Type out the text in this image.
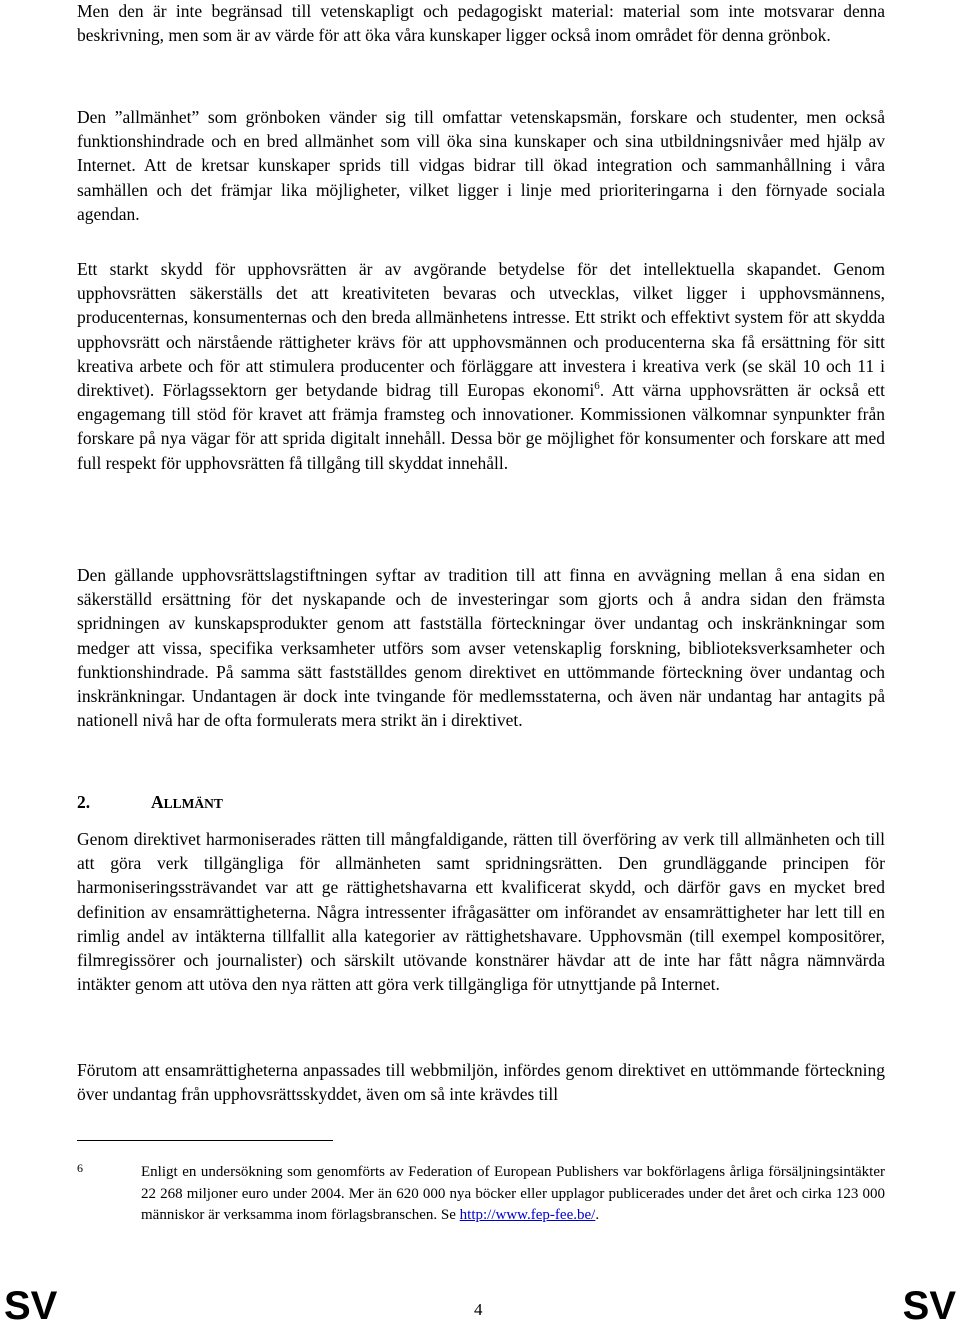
Men den är inte begränsad till vetenskapligt och pedagogiskt material: material som inte motsvarar denna beskrivning, men som är av värde för att öka våra kunskaper ligger också inom området för denna grönbok.

Den ”allmänhet” som grönboken vänder sig till omfattar vetenskapsmän, forskare och studenter, men också funktionshindrade och en bred allmänhet som vill öka sina kunskaper och sina utbildningsnivåer med hjälp av Internet. Att de kretsar kunskaper sprids till vidgas bidrar till ökad integration och sammanhållning i våra samhällen och det främjar lika möjligheter, vilket ligger i linje med prioriteringarna i den förnyade sociala agendan.

Ett starkt skydd för upphovsrätten är av avgörande betydelse för det intellektuella skapandet. Genom upphovsrätten säkerställs det att kreativiteten bevaras och utvecklas, vilket ligger i upphovsmännens, producenternas, konsumenternas och den breda allmänhetens intresse. Ett strikt och effektivt system för att skydda upphovsrätt och närstående rättigheter krävs för att upphovsmännen och producenterna ska få ersättning för sitt kreativa arbete och för att stimulera producenter och förläggare att investera i kreativa verk (se skäl 10 och 11 i direktivet). Förlagssektorn ger betydande bidrag till Europas ekonomi$^6$. Att värna upphovsrätten är också ett engagemang till stöd för kravet att främja framsteg och innovationer. Kommissionen välkomnar synpunkter från forskare på nya vägar för att sprida digitalt innehåll. Dessa bör ge möjlighet för konsumenter och forskare att med full respekt för upphovsrätten få tillgång till skyddat innehåll.

Den gällande upphovsrättslagstiftningen syftar av tradition till att finna en avvägning mellan å ena sidan en säkerställd ersättning för det nyskapande och de investeringar som gjorts och å andra sidan den främsta spridningen av kunskapsprodukter genom att fastställa förteckningar över undantag och inskränkningar som medger att vissa, specifika verksamheter utförs som avser vetenskaplig forskning, biblioteksverksamheter och funktionshindrade. På samma sätt fastställdes genom direktivet en uttömmande förteckning över undantag och inskränkningar. Undantagen är dock inte tvingande för medlemsstaterna, och även när undantag har antagits på nationell nivå har de ofta formulerats mera strikt än i direktivet.

2.	ALLMÄNT

Genom direktivet harmoniserades rätten till mångfaldigande, rätten till överföring av verk till allmänheten och till att göra verk tillgängliga för allmänheten samt spridningsrätten. Den grundläggande principen för harmoniseringssträvandet var att ge rättighetshavarna ett kvalificerat skydd, och därför gavs en mycket bred definition av ensamrättigheterna. Några intressenter ifrågasätter om införandet av ensamrättigheter har lett till en rimlig andel av intäkterna tillfallit alla kategorier av rättighetshavare. Upphovsmän (till exempel kompositörer, filmregissörer och journalister) och särskilt utövande konstnärer hävdar att de inte har fått några nämnvärda intäkter genom att utöva den nya rätten att göra verk tillgängliga för utnyttjande på Internet.

Förutom att ensamrättigheterna anpassades till webbmiljön, infördes genom direktivet en uttömmande förteckning över undantag från upphovsrättsskyddet, även om så inte krävdes till

6	Enligt en undersökning som genomförts av Federation of European Publishers var bokförlagens årliga försäljningsintäkter 22 268 miljoner euro under 2004. Mer än 620 000 nya böcker eller upplagor publicerades under det året och cirka 123 000 människor är verksamma inom förlagsbranschen. Se http://www.fep-fee.be/.
SV	4	SV
